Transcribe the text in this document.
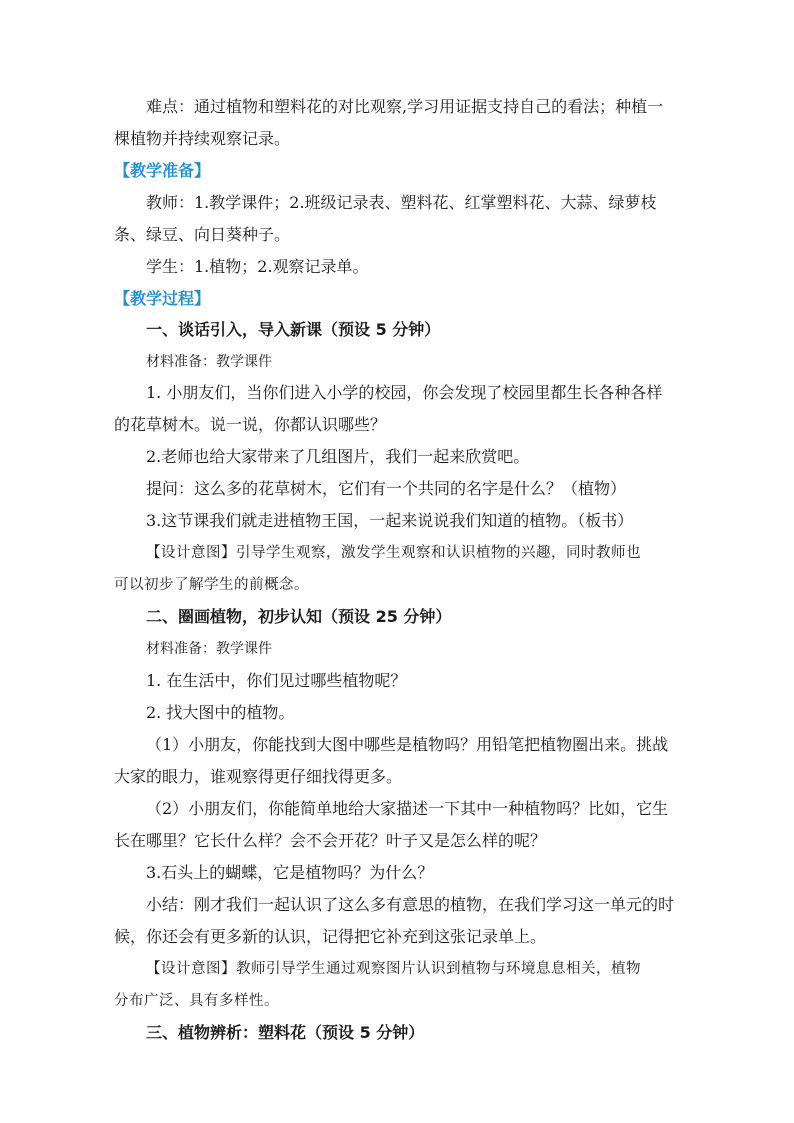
难点：通过植物和塑料花的对比观察,学习用证据支持自己的看法；种植一
棵植物并持续观察记录。
【教学准备】
教师：1.教学课件；2.班级记录表、塑料花、红掌塑料花、大蒜、绿萝枝
条、绿豆、向日葵种子。
学生：1.植物；2.观察记录单。
【教学过程】
一、谈话引入，导入新课（预设 5 分钟）
材料准备：教学课件
1. 小朋友们，当你们进入小学的校园，你会发现了校园里都生长各种各样
的花草树木。说一说，你都认识哪些？
2.老师也给大家带来了几组图片，我们一起来欣赏吧。
提问：这么多的花草树木，它们有一个共同的名字是什么？（植物）
3.这节课我们就走进植物王国，一起来说说我们知道的植物。（板书）
【设计意图】引导学生观察，激发学生观察和认识植物的兴趣，同时教师也
可以初步了解学生的前概念。
二、圈画植物，初步认知（预设 25 分钟）
材料准备：教学课件
1. 在生活中，你们见过哪些植物呢？
2. 找大图中的植物。
（1）小朋友，你能找到大图中哪些是植物吗？用铅笔把植物圈出来。挑战
大家的眼力，谁观察得更仔细找得更多。
（2）小朋友们，你能简单地给大家描述一下其中一种植物吗？比如，它生
长在哪里？它长什么样？会不会开花？叶子又是怎么样的呢？
3.石头上的蝴蝶，它是植物吗？为什么？
小结：刚才我们一起认识了这么多有意思的植物，在我们学习这一单元的时
候，你还会有更多新的认识，记得把它补充到这张记录单上。
【设计意图】教师引导学生通过观察图片认识到植物与环境息息相关，植物
分布广泛、具有多样性。
三、植物辨析：塑料花（预设 5 分钟）
